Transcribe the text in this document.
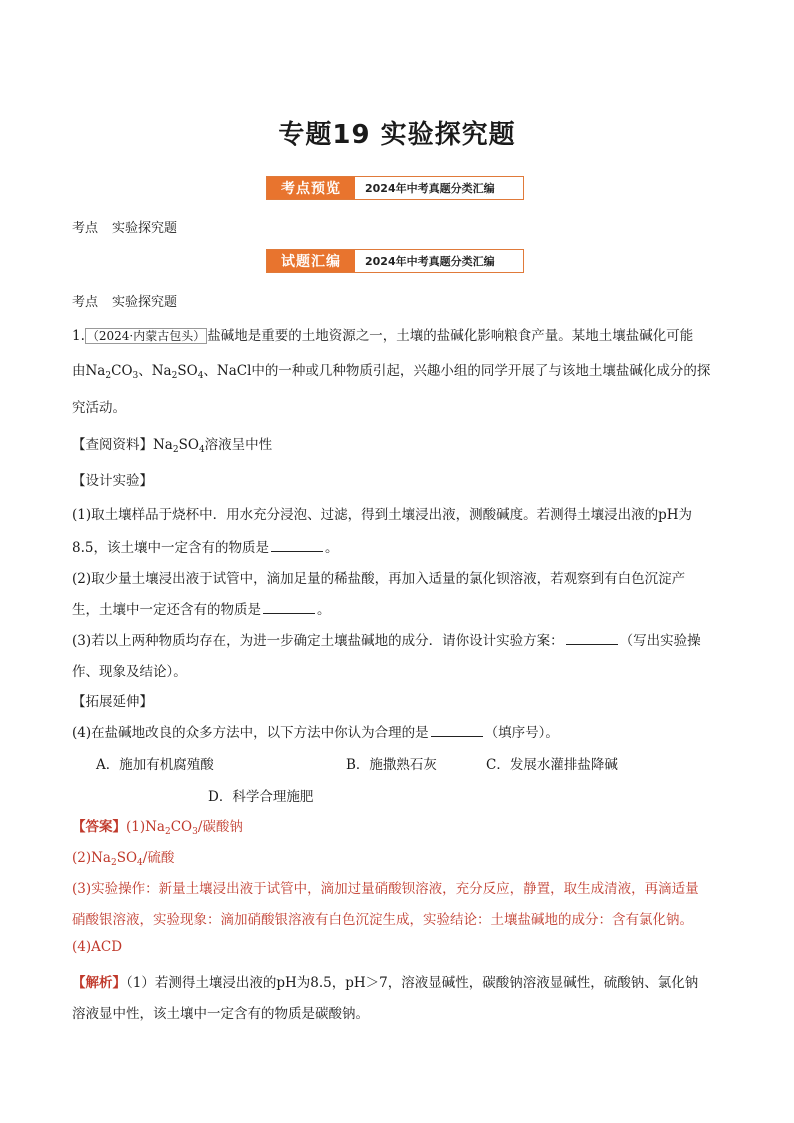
专题19 实验探究题
考点预览	2024年中考真题分类汇编
考点 实验探究题
试题汇编	2024年中考真题分类汇编
考点 实验探究题
1. （2024·内蒙古包头） 盐碱地是重要的土地资源之一，土壤的盐碱化影响粮食产量。某地土壤盐碱化可能
由$Na_2CO_3$、$Na_2SO_4$、NaCl中的一种或几种物质引起，兴趣小组的同学开展了与该地土壤盐碱化成分的探
究活动。
【查阅资料】$Na_2SO_4$溶液呈中性
【设计实验】
(1)取土壤样品于烧杯中．用水充分浸泡、过滤，得到土壤浸出液，测酸碱度。若测得土壤浸出液的pH为
8.5，该土壤中一定含有的物质是	。
(2)取少量土壤浸出液于试管中，滴加足量的稀盐酸，再加入适量的氯化钡溶液，若观察到有白色沉淀产
生，土壤中一定还含有的物质是	。
(3)若以上两种物质均存在，为进一步确定土壤盐碱地的成分．请你设计实验方案：	（写出实验操
作、现象及结论）。
【拓展延伸】
(4)在盐碱地改良的众多方法中，以下方法中你认为合理的是	（填序号）。
A．施加有机腐殖酸	B．施撒熟石灰	C．发展水灌排盐降碱
D．科学合理施肥
【答案】$(1)Na_2CO_3/$碳酸钠
$(2)Na_2SO_4/$硫酸
(3)实验操作：新量土壤浸出液于试管中，滴加过量硝酸钡溶液，充分反应，静置，取生成清液，再滴适量
硝酸银溶液，实验现象：滴加硝酸银溶液有白色沉淀生成，实验结论：土壤盐碱地的成分：含有氯化钠。
(4)ACD
【解析】（1）若测得土壤浸出液的pH为8.5，pH＞7，溶液显碱性，碳酸钠溶液显碱性，硫酸钠、氯化钠
溶液显中性，该土壤中一定含有的物质是碳酸钠。
